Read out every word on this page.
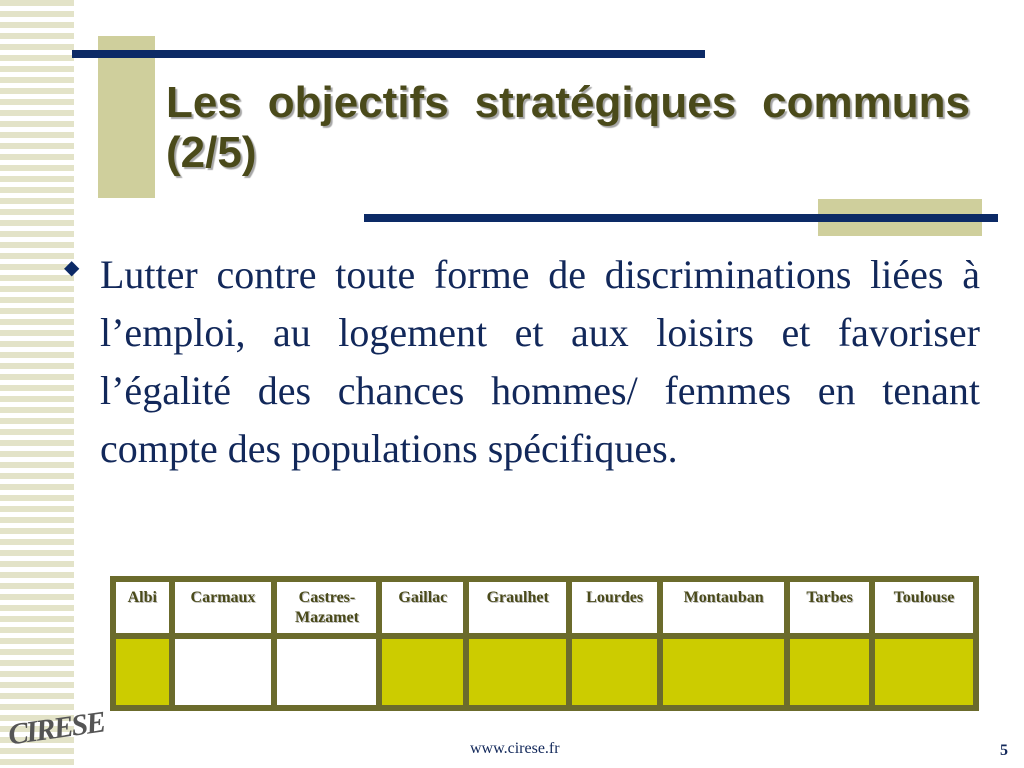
Les objectifs stratégiques communs (2/5)
◆ Lutter contre toute forme de discriminations liées à l’emploi, au logement et aux loisirs et favoriser l’égalité des chances hommes/ femmes en tenant compte des populations spécifiques.

Albi	Carmaux	Castres-Mazamet	Gaillac	Graulhet	Lourdes	Montauban	Tarbes	Toulouse

CIRESE	www.cirese.fr	5
